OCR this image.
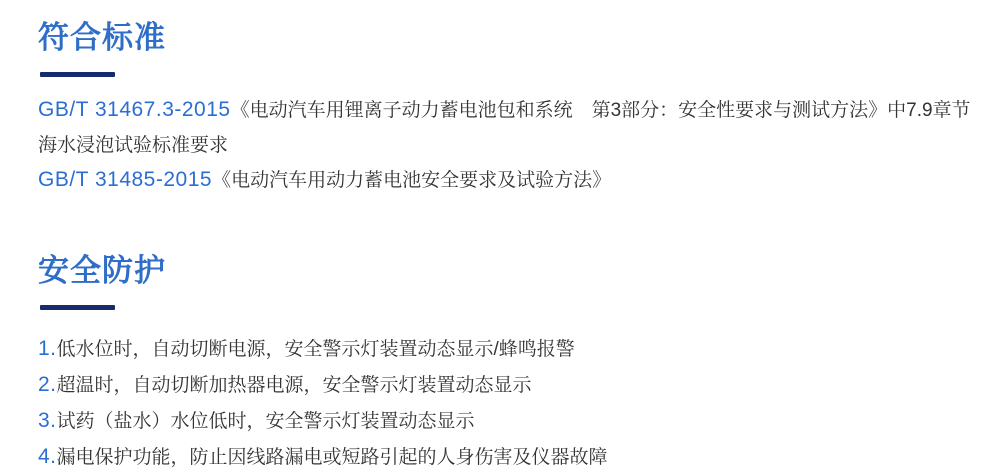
符合标准

GB/T 31467.3-2015《电动汽车用锂离子动力蓄电池包和系统　第3部分：安全性要求与测试方法》中7.9章节

海水浸泡试验标准要求

GB/T 31485-2015《电动汽车用动力蓄电池安全要求及试验方法》

安全防护

1.低水位时，自动切断电源，安全警示灯装置动态显示/蜂鸣报警

2.超温时，自动切断加热器电源，安全警示灯装置动态显示

3.试药（盐水）水位低时，安全警示灯装置动态显示

4.漏电保护功能，防止因线路漏电或短路引起的人身伤害及仪器故障
